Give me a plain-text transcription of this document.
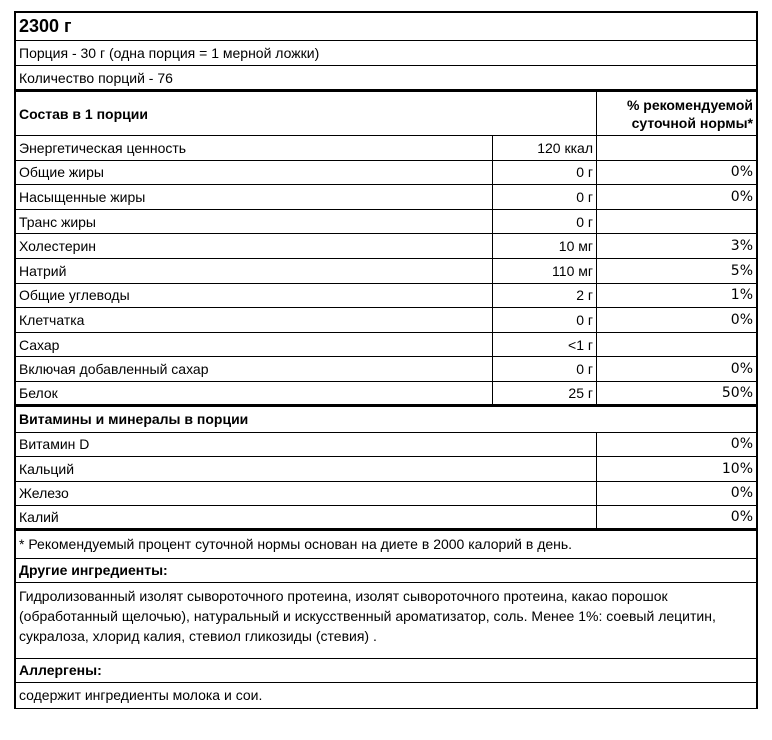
2300 г
Порция - 30 г (одна порция = 1 мерной ложки)
Количество порций - 76
Состав в 1 порции
% рекомендуемой
суточной нормы*
Энергетическая ценность	120 ккал
Общие жиры	0 г	0%
Насыщенные жиры	0 г	0%
Транс жиры	0 г
Холестерин	10 мг	3%
Натрий	110 мг	5%
Общие углеводы	2 г	1%
Клетчатка	0 г	0%
Сахар	<1 г
Включая добавленный сахар	0 г	0%
Белок	25 г	50%
Витамины и минералы в порции
Витамин D	0%
Кальций	10%
Железо	0%
Калий	0%
* Рекомендуемый процент суточной нормы основан на диете в 2000 калорий в день.
Другие ингредиенты:
Гидролизованный изолят сывороточного протеина, изолят сывороточного протеина, какао порошок (обработанный щелочью), натуральный и искусственный ароматизатор, соль. Менее 1%: соевый лецитин, сукралоза, хлорид калия, стевиол гликозиды (стевия) .
Аллергены:
содержит ингредиенты молока и сои.
